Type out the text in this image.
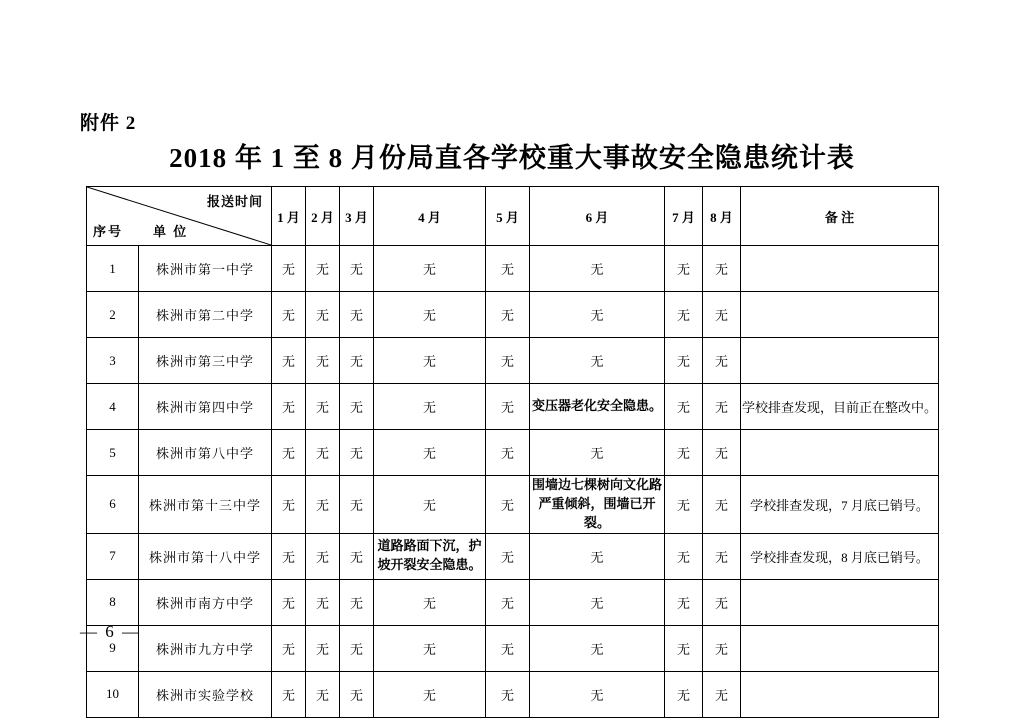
附件 2
2018 年 1 至 8 月份局直各学校重大事故安全隐患统计表
报送时间
单 位
序号		1 月	2 月	3 月	4 月	5 月	6 月	7 月	8 月	备 注
1	株洲市第一中学	无	无	无	无	无	无	无	无	
2	株洲市第二中学	无	无	无	无	无	无	无	无	
3	株洲市第三中学	无	无	无	无	无	无	无	无	
4	株洲市第四中学	无	无	无	无	无	变压器老化安全隐患。	无	无	学校排查发现，目前正在整改中。
5	株洲市第八中学	无	无	无	无	无	无	无	无	
6	株洲市第十三中学	无	无	无	无	无	围墙边七棵树向文化路严重倾斜，围墙已开裂。	无	无	学校排查发现，7 月底已销号。
7	株洲市第十八中学	无	无	无	道路路面下沉，护坡开裂安全隐患。	无	无	无	无	学校排查发现，8 月底已销号。
8	株洲市南方中学	无	无	无	无	无	无	无	无	
9	株洲市九方中学	无	无	无	无	无	无	无	无	
10	株洲市实验学校	无	无	无	无	无	无	无	无	
— 6 —
